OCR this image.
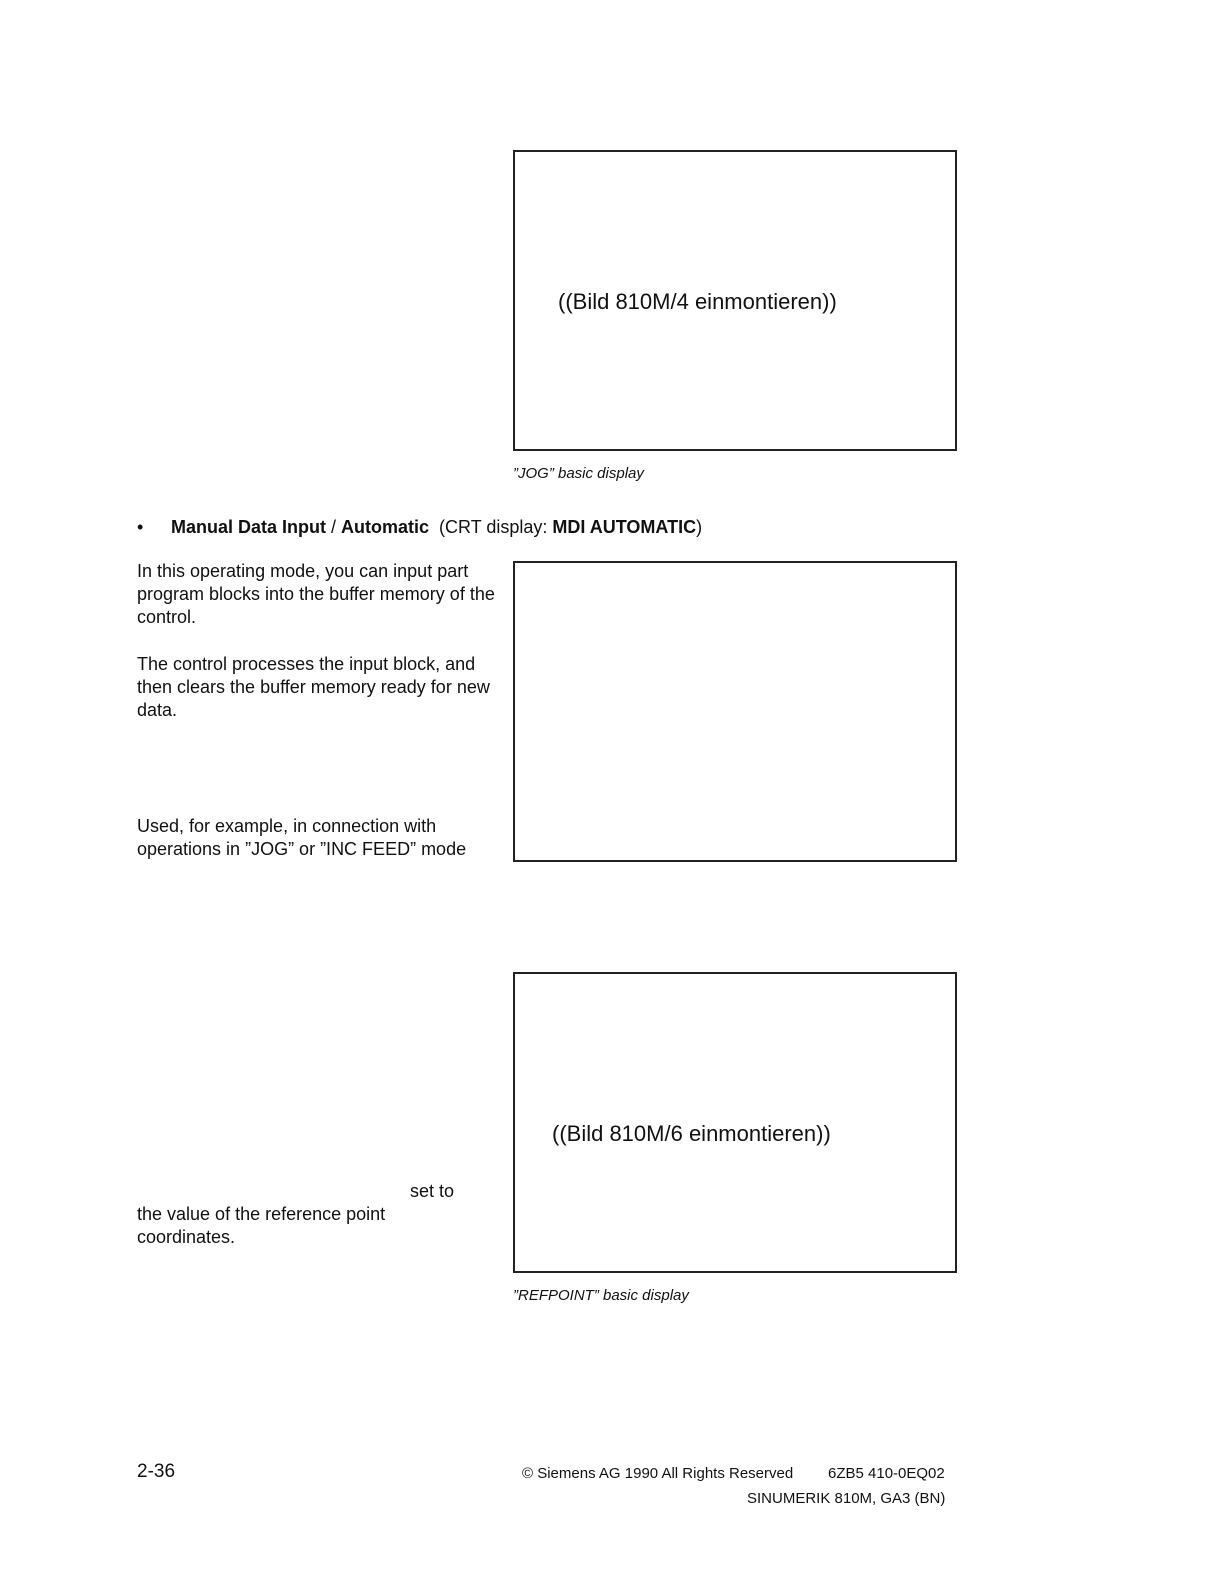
((Bild 810M/4 einmontieren))
”JOG” basic display
• Manual Data Input / Automatic  (CRT display: MDI AUTOMATIC)

In this operating mode, you can input part program blocks into the buffer memory of the control.

The control processes the input block, and then clears the buffer memory ready for new data.

Used, for example, in connection with operations in ”JOG” or ”INC FEED” mode

((Bild 810M/6 einmontieren))
”REFPOINT” basic display
set to
the value of the reference point
coordinates.
2-36	© Siemens AG 1990 All Rights Reserved 6ZB5 410-0EQ02
SINUMERIK 810M, GA3 (BN)
